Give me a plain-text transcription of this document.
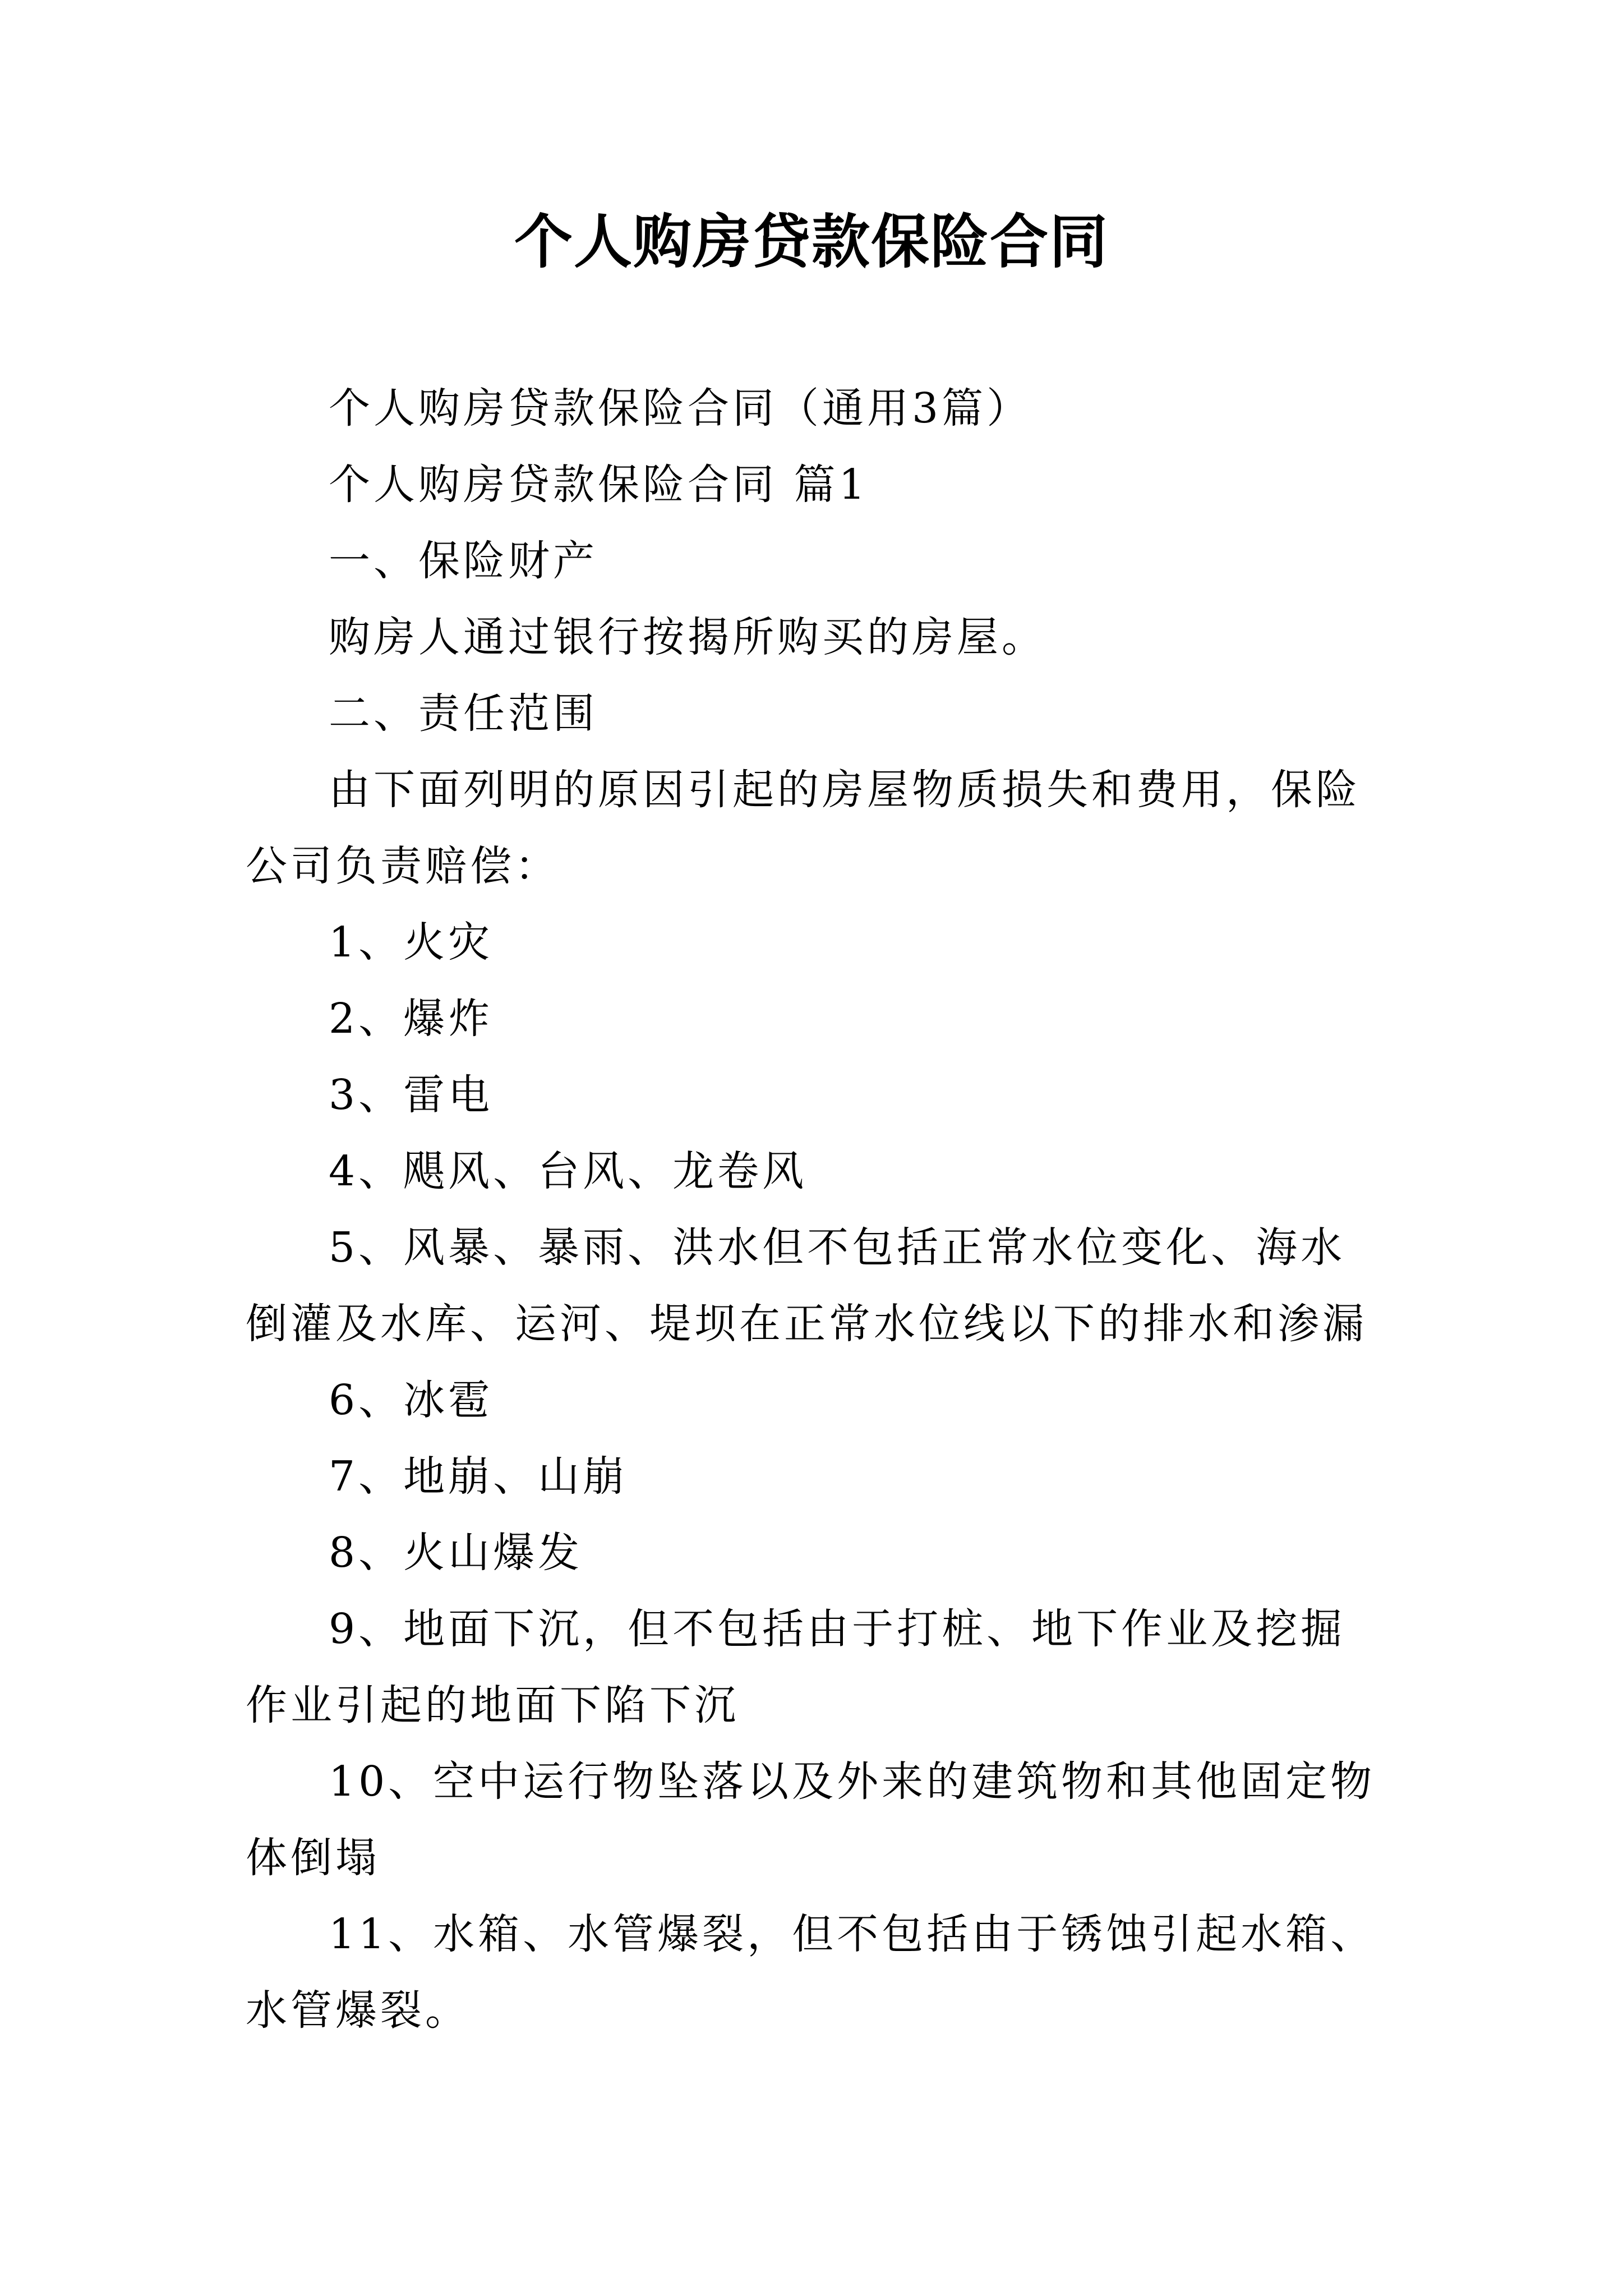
个人购房贷款保险合同

个人购房贷款保险合同（通用3篇）

个人购房贷款保险合同 篇1

一、保险财产

购房人通过银行按揭所购买的房屋。

二、责任范围

由下面列明的原因引起的房屋物质损失和费用，保险公司负责赔偿：

1、火灾

2、爆炸

3、雷电

4、飓风、台风、龙卷风

5、风暴、暴雨、洪水但不包括正常水位变化、海水倒灌及水库、运河、堤坝在正常水位线以下的排水和渗漏

6、冰雹

7、地崩、山崩

8、火山爆发

9、地面下沉，但不包括由于打桩、地下作业及挖掘作业引起的地面下陷下沉

10、空中运行物坠落以及外来的建筑物和其他固定物体倒塌

11、水箱、水管爆裂，但不包括由于锈蚀引起水箱、水管爆裂。
